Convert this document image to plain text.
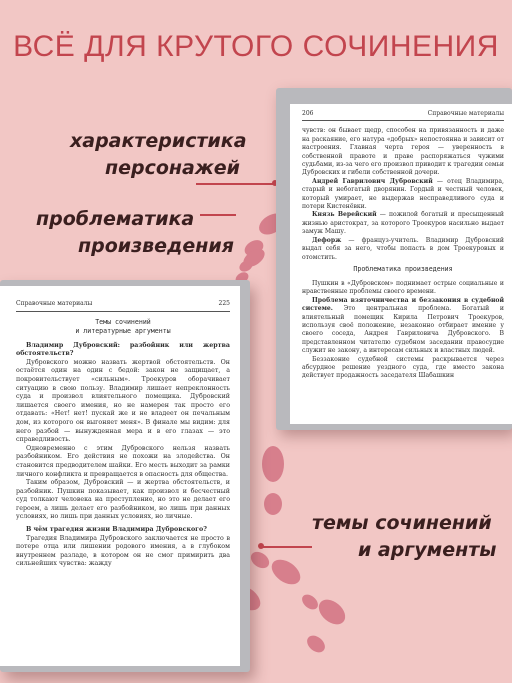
ВСЁ ДЛЯ КРУТОГО СОЧИНЕНИЯ
характеристика
персонажей
проблематика
произведения
темы сочинений
и аргументы
206	Справочные материалы

чувств: он бывает щедр, способен на привязанность и даже на раскаяние, его натура «добрых» непостоянна и зависит от настроения. Главная черта героя — уверенность в собственной правоте и праве распоряжаться чужими судьбами, из-за чего его произвол приводит к трагедии семьи Дубровских и гибели собственной дочери.

Андрей Гаврилович Дубровский — отец Владимира, старый и небогатый дворянин. Гордый и честный человек, который умирает, не выдержав несправедливого суда и потери Кистенёвки.

Князь Верейский — пожилой богатый и пресыщенный жизнью аристократ, за которого Троекуров насильно выдает замуж Машу.

Дефорж — француз-учитель. Владимир Дубровский выдал себя за него, чтобы попасть в дом Троекуровых и отомстить.

Проблематика произведения

Пушкин в «Дубровском» поднимает острые социальные и нравственные проблемы своего времени.

Проблема взяточничества и беззакония в судебной системе. Это центральная проблема. Богатый и влиятельный помещик Кирила Петрович Троекуров, используя своё положение, незаконно отбирает имение у своего соседа, Андрея Гавриловича Дубровского. В представленном читателю судебном заседании правосудие служит не закону, а интересам сильных и властных людей.

Беззаконие судебной системы раскрывается через абсурдное решение уездного суда, где вместо закона действует продажность заседателя Шабашкин

Справочные материалы	225
Темы сочинений
и литературные аргументы

Владимир Дубровский: разбойник или жертва обстоятельств?

Дубровского можно назвать жертвой обстоятельств. Он остаётся один на один с бедой: закон не защищает, а покровительствует «сильным». Троекуров оборачивает ситуацию в свою пользу. Владимир лишает непреклонность суда и произвол влиятельного помещика. Дубровский лишается своего имения, но не намерен так просто его отдавать: «Нет! нет! пускай же и не владеет он печальным дом, из которого он выгоняет меня». В финале мы видим: для него разбой — вынужденная мера и в его глазах — это справедливость.

Одновременно с этим Дубровского нельзя назвать разбойником. Его действия не похожи на злодейства. Он становится предводителем шайки. Его месть выходит за рамки личного конфликта и превращается в опасность для общества.

Таким образом, Дубровский — и жертва обстоятельств, и разбойник. Пушкин показывает, как произвол и бесчестный суд толкают человека на преступление, но это не делает его героем, а лишь делает его разбойником, но лишь при данных условиях, но лишь при данных условиях, но личные.

В чём трагедия жизни Владимира Дубровского?

Трагедия Владимира Дубровского заключается не просто в потере отца или лишении родового имения, а в глубоком внутреннем разладе, в котором он не смог примирить два сильнейших чувства: жажду
